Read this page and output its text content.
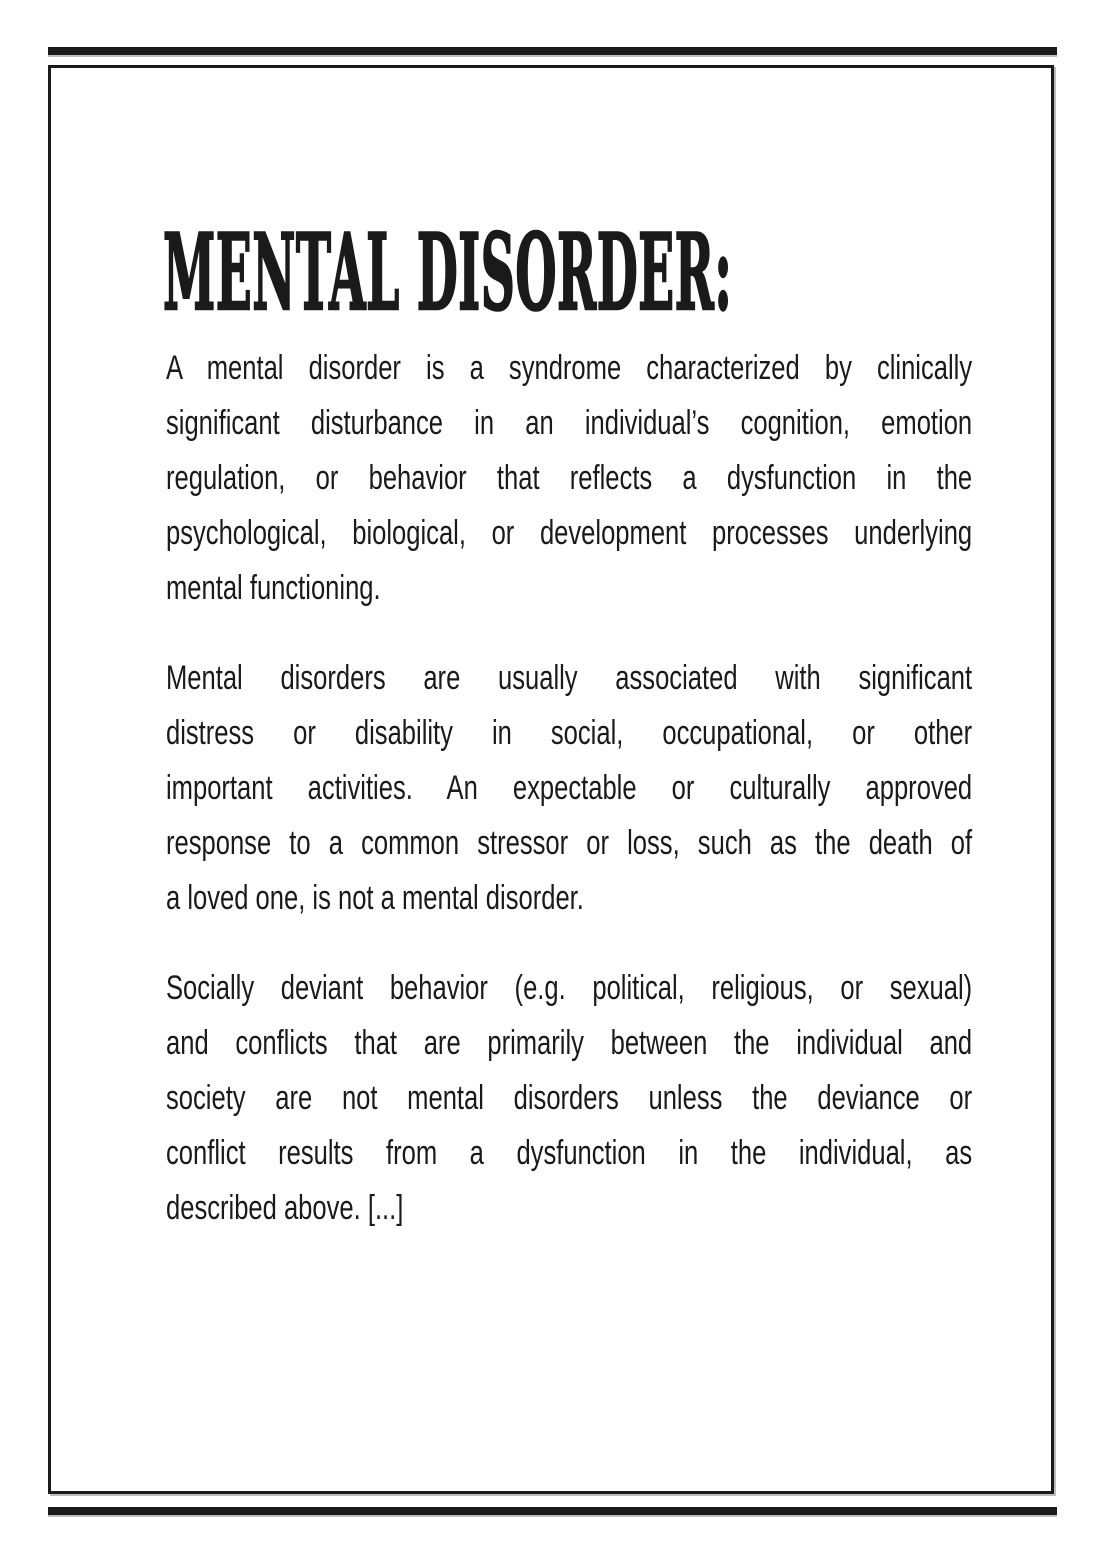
MENTAL DISORDER:
A mental disorder is a syndrome characterized by clinically
significant disturbance in an individual’s cognition, emotion
regulation, or behavior that reflects a dysfunction in the
psychological, biological, or development processes underlying
mental functioning.
Mental disorders are usually associated with significant
distress or disability in social, occupational, or other
important activities. An expectable or culturally approved
response to a common stressor or loss, such as the death of
a loved one, is not a mental disorder.
Socially deviant behavior (e.g. political, religious, or sexual)
and conflicts that are primarily between the individual and
society are not mental disorders unless the deviance or
conflict results from a dysfunction in the individual, as
described above. [...]
